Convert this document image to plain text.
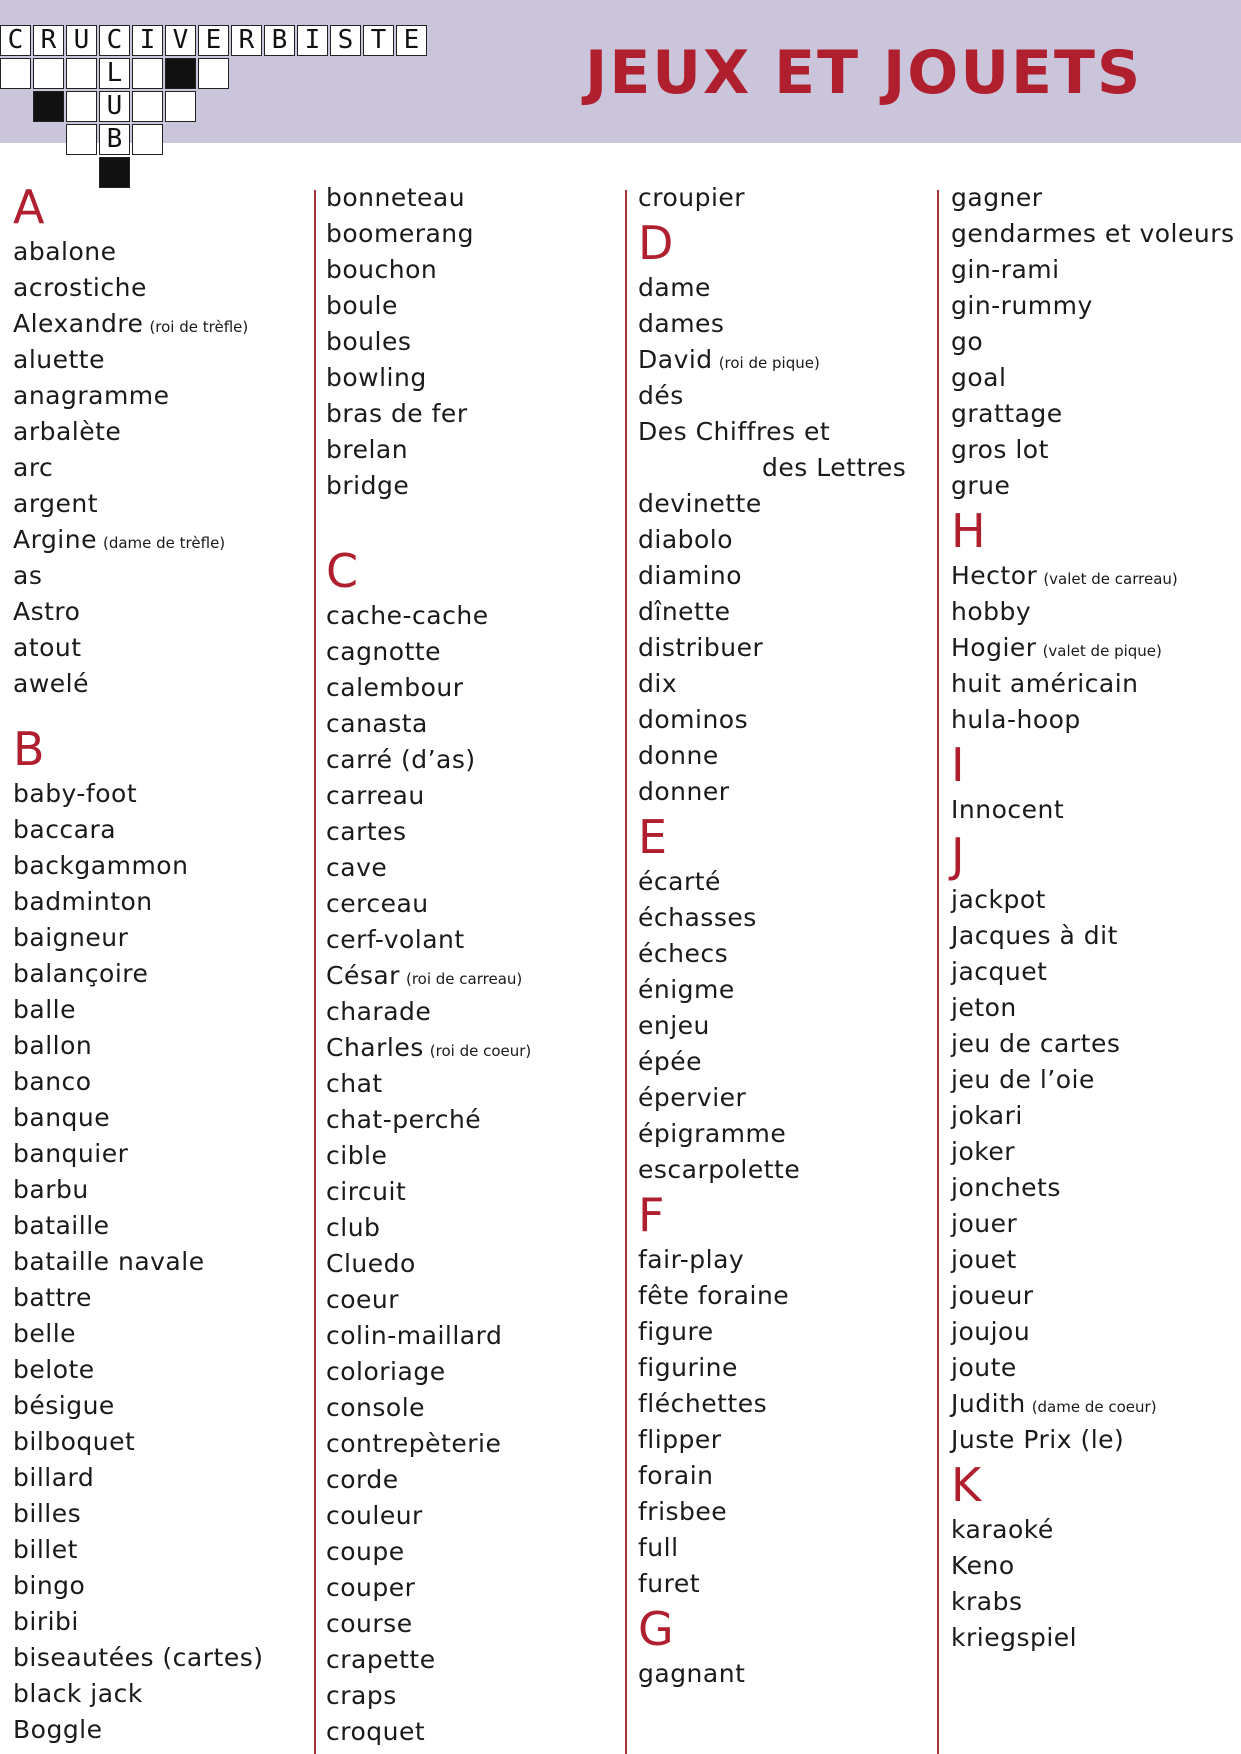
JEUX ET JOUETS
C R U C I V E R B I S T E
L
U
B
A
abalone
acrostiche
Alexandre (roi de trèfle)
aluette
anagramme
arbalète
arc
argent
Argine (dame de trèfle)
as
Astro
atout
awelé
B
baby-foot
baccara
backgammon
badminton
baigneur
balançoire
balle
ballon
banco
banque
banquier
barbu
bataille
bataille navale
battre
belle
belote
bésigue
bilboquet
billard
billes
billet
bingo
biribi
biseautées (cartes)
black jack
Boggle
bonneteau
boomerang
bouchon
boule
boules
bowling
bras de fer
brelan
bridge
C
cache-cache
cagnotte
calembour
canasta
carré (d’as)
carreau
cartes
cave
cerceau
cerf-volant
César (roi de carreau)
charade
Charles (roi de coeur)
chat
chat-perché
cible
circuit
club
Cluedo
coeur
colin-maillard
coloriage
console
contrepèterie
corde
couleur
coupe
couper
course
crapette
craps
croquet
croupier
D
dame
dames
David (roi de pique)
dés
Des Chiffres et
des Lettres
devinette
diabolo
diamino
dînette
distribuer
dix
dominos
donne
donner
E
écarté
échasses
échecs
énigme
enjeu
épée
épervier
épigramme
escarpolette
F
fair-play
fête foraine
figure
figurine
fléchettes
flipper
forain
frisbee
full
furet
G
gagnant
gagner
gendarmes et voleurs
gin-rami
gin-rummy
go
goal
grattage
gros lot
grue
H
Hector (valet de carreau)
hobby
Hogier (valet de pique)
huit américain
hula-hoop
I
Innocent
J
jackpot
Jacques à dit
jacquet
jeton
jeu de cartes
jeu de l’oie
jokari
joker
jonchets
jouer
jouet
joueur
joujou
joute
Judith (dame de coeur)
Juste Prix (le)
K
karaoké
Keno
krabs
kriegspiel
